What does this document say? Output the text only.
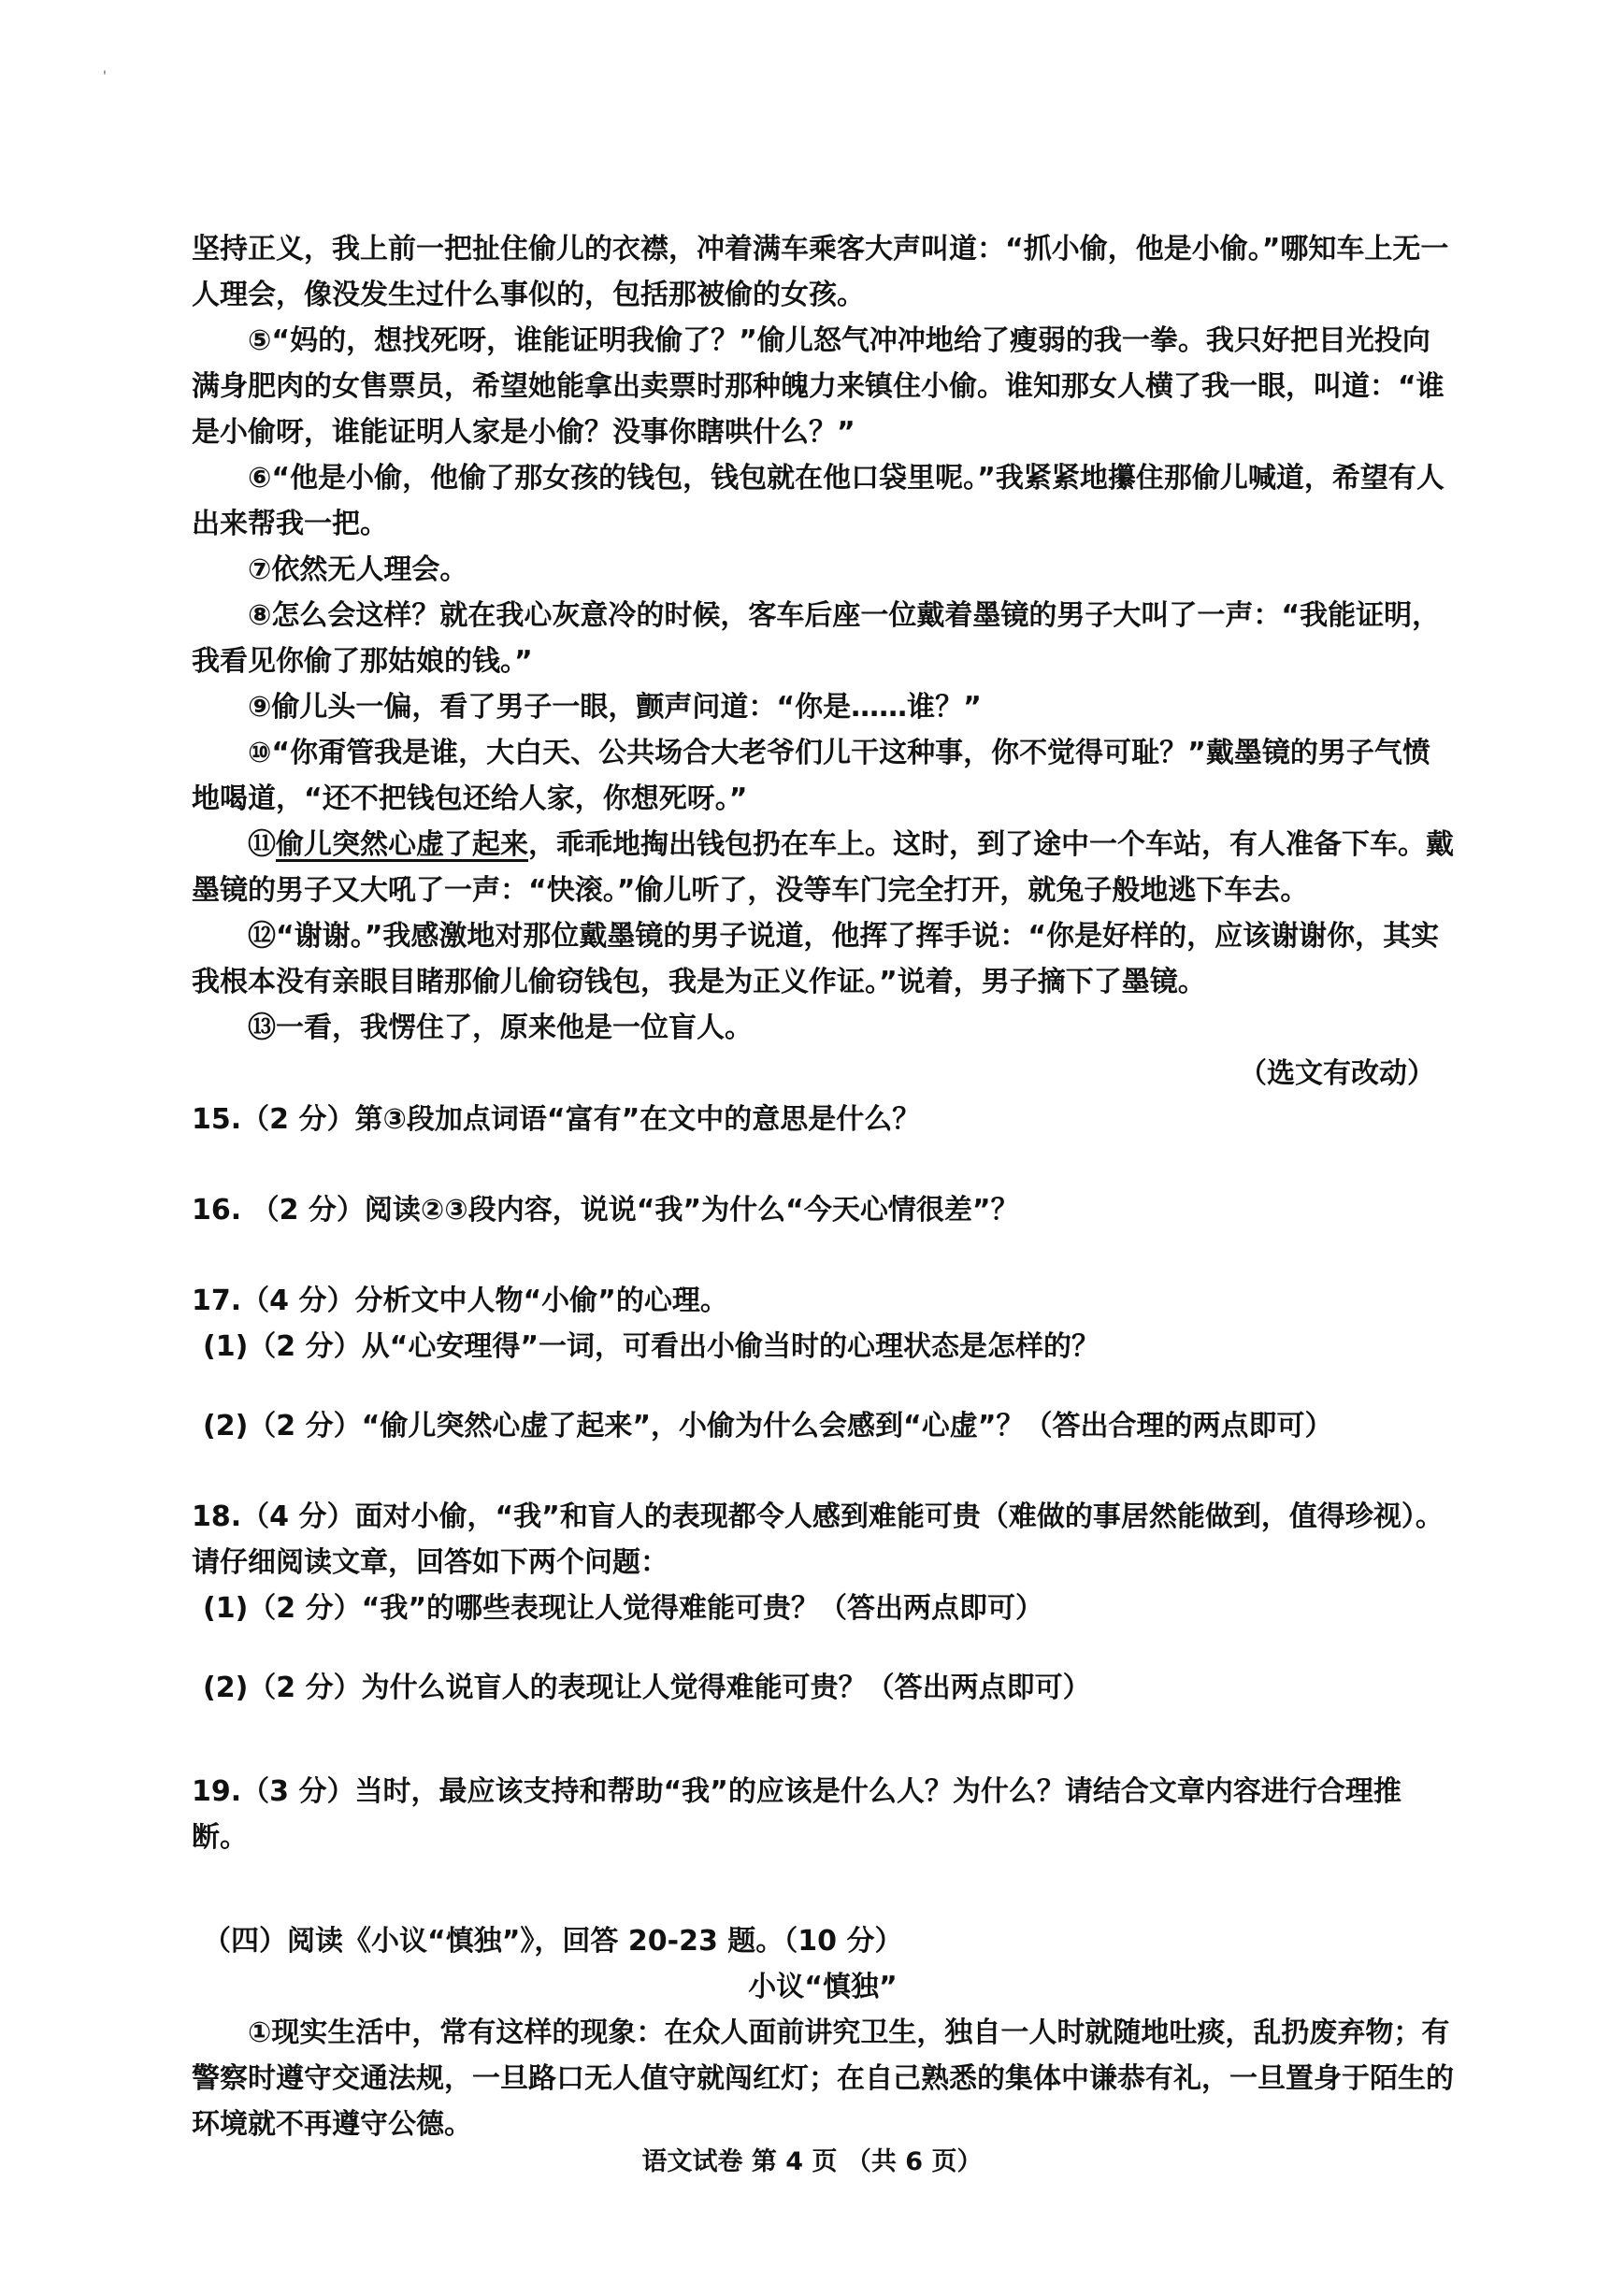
'

坚持正义，我上前一把扯住偷儿的衣襟，冲着满车乘客大声叫道：“抓小偷，他是小偷。”哪知车上无一人理会，像没发生过什么事似的，包括那被偷的女孩。

⑤“妈的，想找死呀，谁能证明我偷了？”偷儿怒气冲冲地给了瘦弱的我一拳。我只好把目光投向满身肥肉的女售票员，希望她能拿出卖票时那种魄力来镇住小偷。谁知那女人横了我一眼，叫道：“谁是小偷呀，谁能证明人家是小偷？没事你瞎哄什么？”

⑥“他是小偷，他偷了那女孩的钱包，钱包就在他口袋里呢。”我紧紧地攥住那偷儿喊道，希望有人出来帮我一把。

⑦依然无人理会。

⑧怎么会这样？就在我心灰意冷的时候，客车后座一位戴着墨镜的男子大叫了一声：“我能证明，我看见你偷了那姑娘的钱。”

⑨偷儿头一偏，看了男子一眼，颤声问道：“你是……谁？”

⑩“你甭管我是谁，大白天、公共场合大老爷们儿干这种事，你不觉得可耻？”戴墨镜的男子气愤地喝道，“还不把钱包还给人家，你想死呀。”

⑪偷儿突然心虚了起来，乖乖地掏出钱包扔在车上。这时，到了途中一个车站，有人准备下车。戴墨镜的男子又大吼了一声：“快滚。”偷儿听了，没等车门完全打开，就兔子般地逃下车去。

⑫“谢谢。”我感激地对那位戴墨镜的男子说道，他挥了挥手说：“你是好样的，应该谢谢你，其实我根本没有亲眼目睹那偷儿偷窃钱包，我是为正义作证。”说着，男子摘下了墨镜。

⑬一看，我愣住了，原来他是一位盲人。

（选文有改动）

15.（2 分）第③段加点词语“富有”在文中的意思是什么？

16. （2 分）阅读②③段内容，说说“我”为什么“今天心情很差”？

17.（4 分）分析文中人物“小偷”的心理。

(1)（2 分）从“心安理得”一词，可看出小偷当时的心理状态是怎样的？

(2)（2 分）“偷儿突然心虚了起来”，小偷为什么会感到“心虚”？（答出合理的两点即可）

18.（4 分）面对小偷，“我”和盲人的表现都令人感到难能可贵（难做的事居然能做到，值得珍视）。请仔细阅读文章，回答如下两个问题：

(1)（2 分）“我”的哪些表现让人觉得难能可贵？（答出两点即可）

(2)（2 分）为什么说盲人的表现让人觉得难能可贵？（答出两点即可）

19.（3 分）当时，最应该支持和帮助“我”的应该是什么人？为什么？请结合文章内容进行合理推断。

（四）阅读《小议“慎独”》，回答 20-23 题。（10 分）

小议“慎独”

①现实生活中，常有这样的现象：在众人面前讲究卫生，独自一人时就随地吐痰，乱扔废弃物；有警察时遵守交通法规，一旦路口无人值守就闯红灯；在自己熟悉的集体中谦恭有礼，一旦置身于陌生的环境就不再遵守公德。

语文试卷 第 4 页 （共 6 页）
